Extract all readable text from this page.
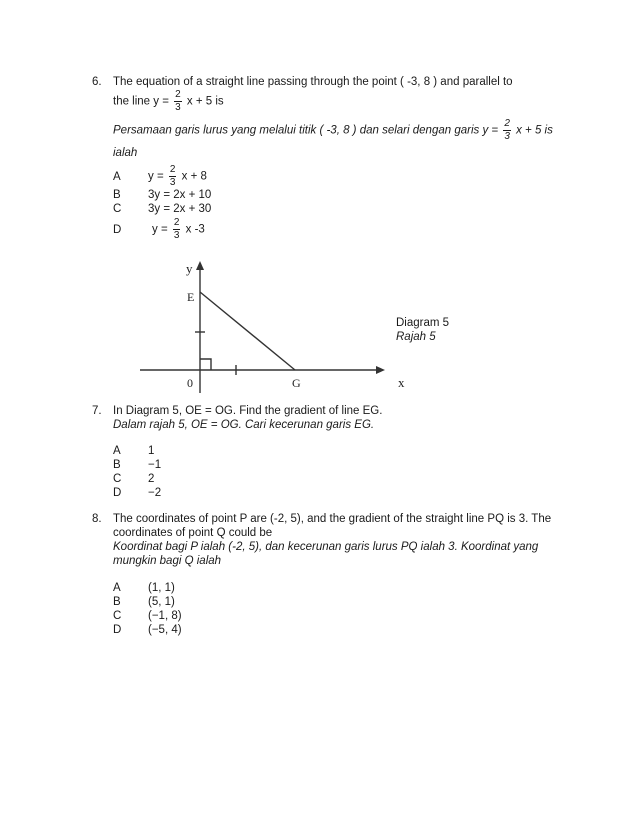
6. The equation of a straight line passing through the point ( -3, 8 ) and parallel to
the line $y = \frac{2}{3}$ x + 5 is
Persamaan garis lurus yang melalui titik ( -3, 8 ) dan selari dengan garis $y = \frac{2}{3}$ x + 5 is
ialah
A $y = \frac{2}{3}$ x + 8
B 3y = 2x + 10
C 3y = 2x + 30
D	$y = \frac{2}{3}$ x -3
y
E
0	G	x
Diagram 5
Rajah 5
7. In Diagram 5, OE = OG. Find the gradient of line EG.
Dalam rajah 5, OE = OG. Cari kecerunan garis EG.
A 1
B −1
C 2
D −2
8. The coordinates of point P are (-2, 5), and the gradient of the straight line PQ is 3. The
coordinates of point Q could be
Koordinat bagi P ialah (-2, 5), dan kecerunan garis lurus PQ ialah 3. Koordinat yang
mungkin bagi Q ialah
A (1, 1)
B (5, 1)
C (−1, 8)
D (−5, 4)
